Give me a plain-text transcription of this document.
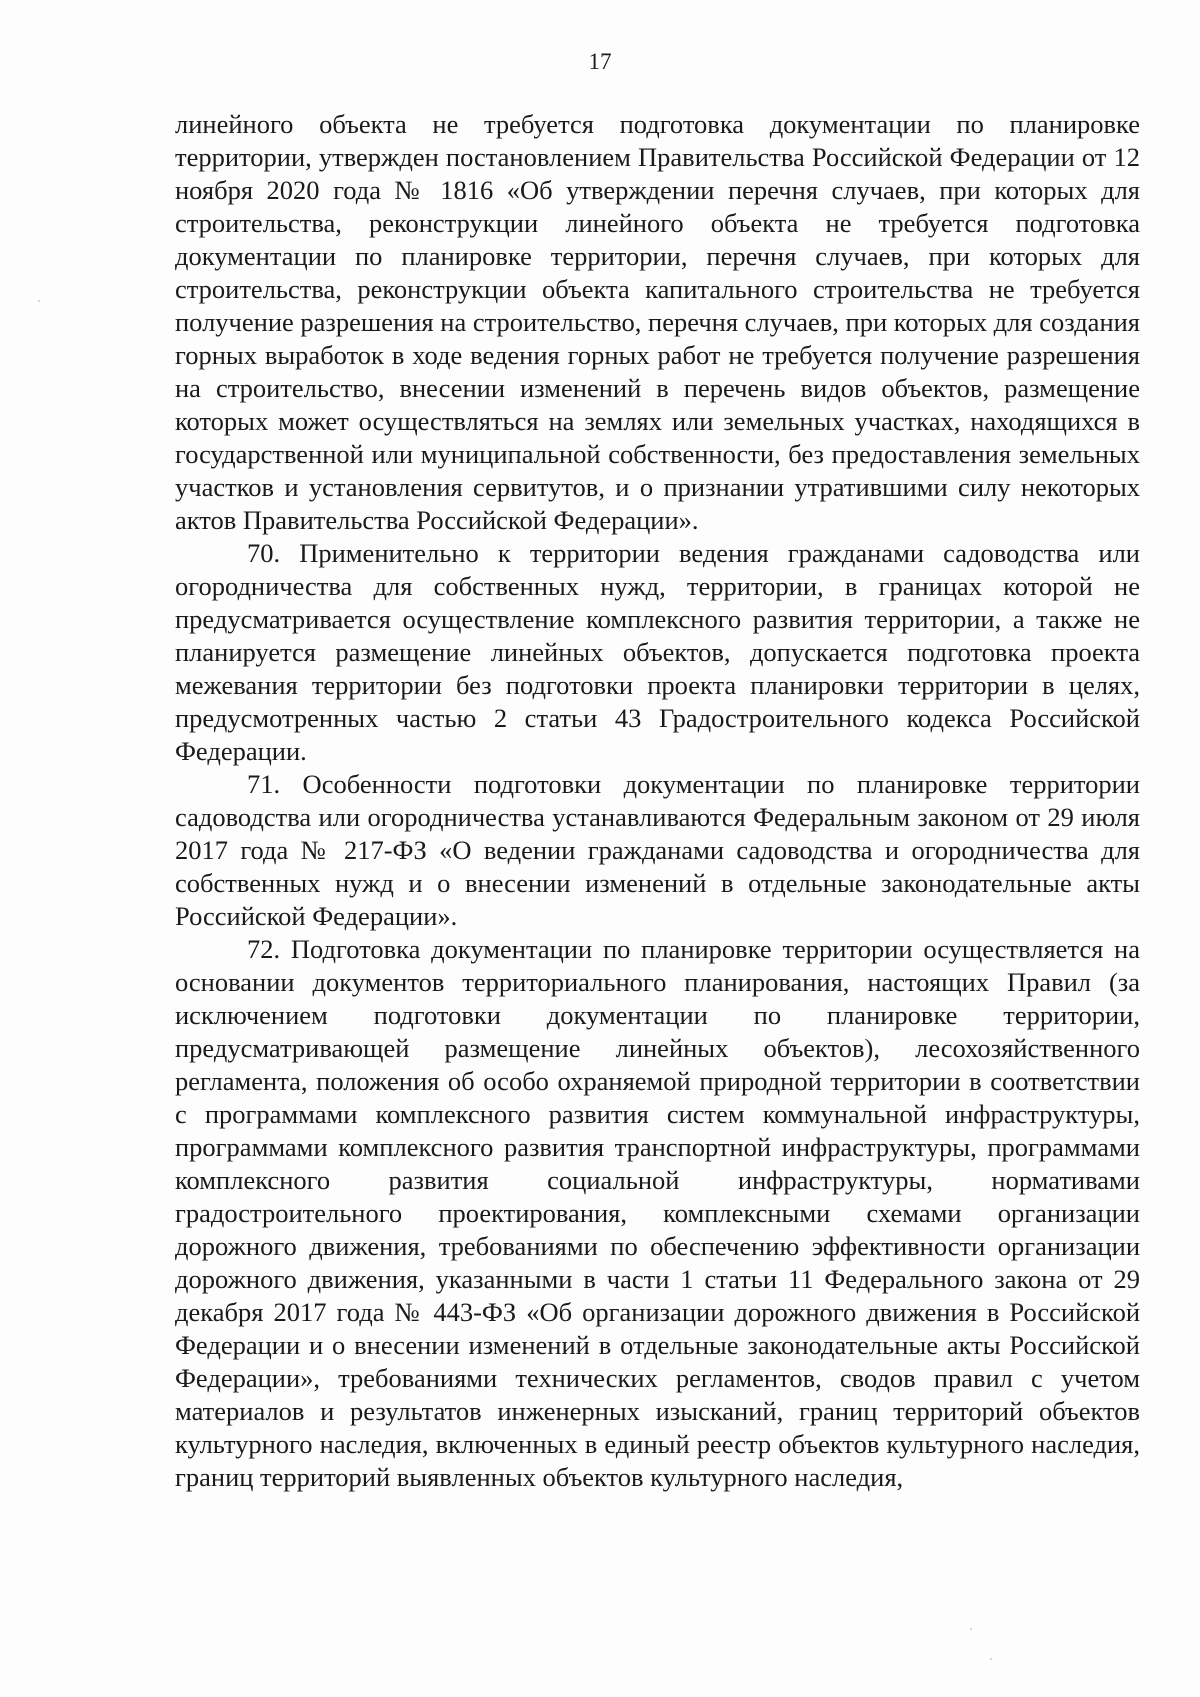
17

линейного объекта не требуется подготовка документации по планировке территории, утвержден постановлением Правительства Российской Федерации от 12 ноября 2020 года № 1816 «Об утверждении перечня случаев, при которых для строительства, реконструкции линейного объекта не требуется подготовка документации по планировке территории, перечня случаев, при которых для строительства, реконструкции объекта капитального строительства не требуется получение разрешения на строительство, перечня случаев, при которых для создания горных выработок в ходе ведения горных работ не требуется получение разрешения на строительство, внесении изменений в перечень видов объектов, размещение которых может осуществляться на землях или земельных участках, находящихся в государственной или муниципальной собственности, без предоставления земельных участков и установления сервитутов, и о признании утратившими силу некоторых актов Правительства Российской Федерации».

70. Применительно к территории ведения гражданами садоводства или огородничества для собственных нужд, территории, в границах которой не предусматривается осуществление комплексного развития территории, а также не планируется размещение линейных объектов, допускается подготовка проекта межевания территории без подготовки проекта планировки территории в целях, предусмотренных частью 2 статьи 43 Градостроительного кодекса Российской Федерации.

71. Особенности подготовки документации по планировке территории садоводства или огородничества устанавливаются Федеральным законом от 29 июля 2017 года № 217-ФЗ «О ведении гражданами садоводства и огородничества для собственных нужд и о внесении изменений в отдельные законодательные акты Российской Федерации».

72. Подготовка документации по планировке территории осуществляется на основании документов территориального планирования, настоящих Правил (за исключением подготовки документации по планировке территории, предусматривающей размещение линейных объектов), лесохозяйственного регламента, положения об особо охраняемой природной территории в соответствии с программами комплексного развития систем коммунальной инфраструктуры, программами комплексного развития транспортной инфраструктуры, программами комплексного развития социальной инфраструктуры, нормативами градостроительного проектирования, комплексными схемами организации дорожного движения, требованиями по обеспечению эффективности организации дорожного движения, указанными в части 1 статьи 11 Федерального закона от 29 декабря 2017 года № 443-ФЗ «Об организации дорожного движения в Российской Федерации и о внесении изменений в отдельные законодательные акты Российской Федерации», требованиями технических регламентов, сводов правил с учетом материалов и результатов инженерных изысканий, границ территорий объектов культурного наследия, включенных в единый реестр объектов культурного наследия, границ территорий выявленных объектов культурного наследия,
